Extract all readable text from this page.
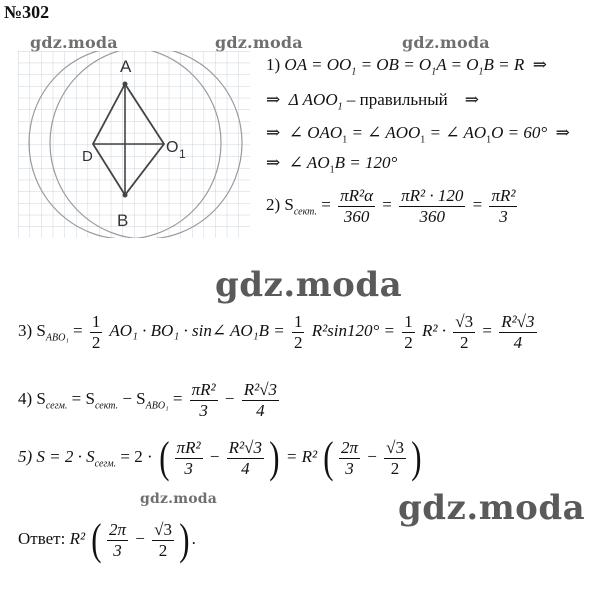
№302
A
B
D
O 1
gdz.moda	gdz.moda	gdz.moda
gdz.moda
gdz.moda
gdz.moda
1) OA = $OO_1$ = OB = $O_1A = O_1B = R$ ⇒
⇒ Δ $AOO_1$ – правильный ⇒
⇒ ∠ $OAO_1$ = ∠ $AOO_1$ = ∠ $AO_1O = 60^\circ$ ⇒
⇒ ∠ $AO_1B = 120^\circ$
2) $S_{сект.} = \frac{\text{πR²α}}{360} = \frac{\text{πR² · 120}}{360} = \frac{\text{πR²}}{3}$
3) $S_{ABO_1} = \frac{1}{2} AO_1 \cdot BO_1$ · sin∠ $AO_1B = \frac{1}{2} R^2\sin 120^\circ = \frac{1}{2} R^2 \cdot \frac{√3}{2} = \frac{\text{R²√3}}{4}$
4) $S_{сегм.} = S_{сект.} - S_{ABO_1} = \frac{\text{πR²}}{3} - \frac{\text{R²√3}}{4}$
5) $S = 2 \cdot S_{сегм.} = 2$ · ( $\frac{\text{πR²}}{3} - \frac{\text{R²√3}}{4}$ ) = R² ( $\frac{2\pi}{3} - \frac{√3}{2}$ )
Ответ: R² ( $\frac{2\pi}{3} - \frac{√3}{2}$ ) .
